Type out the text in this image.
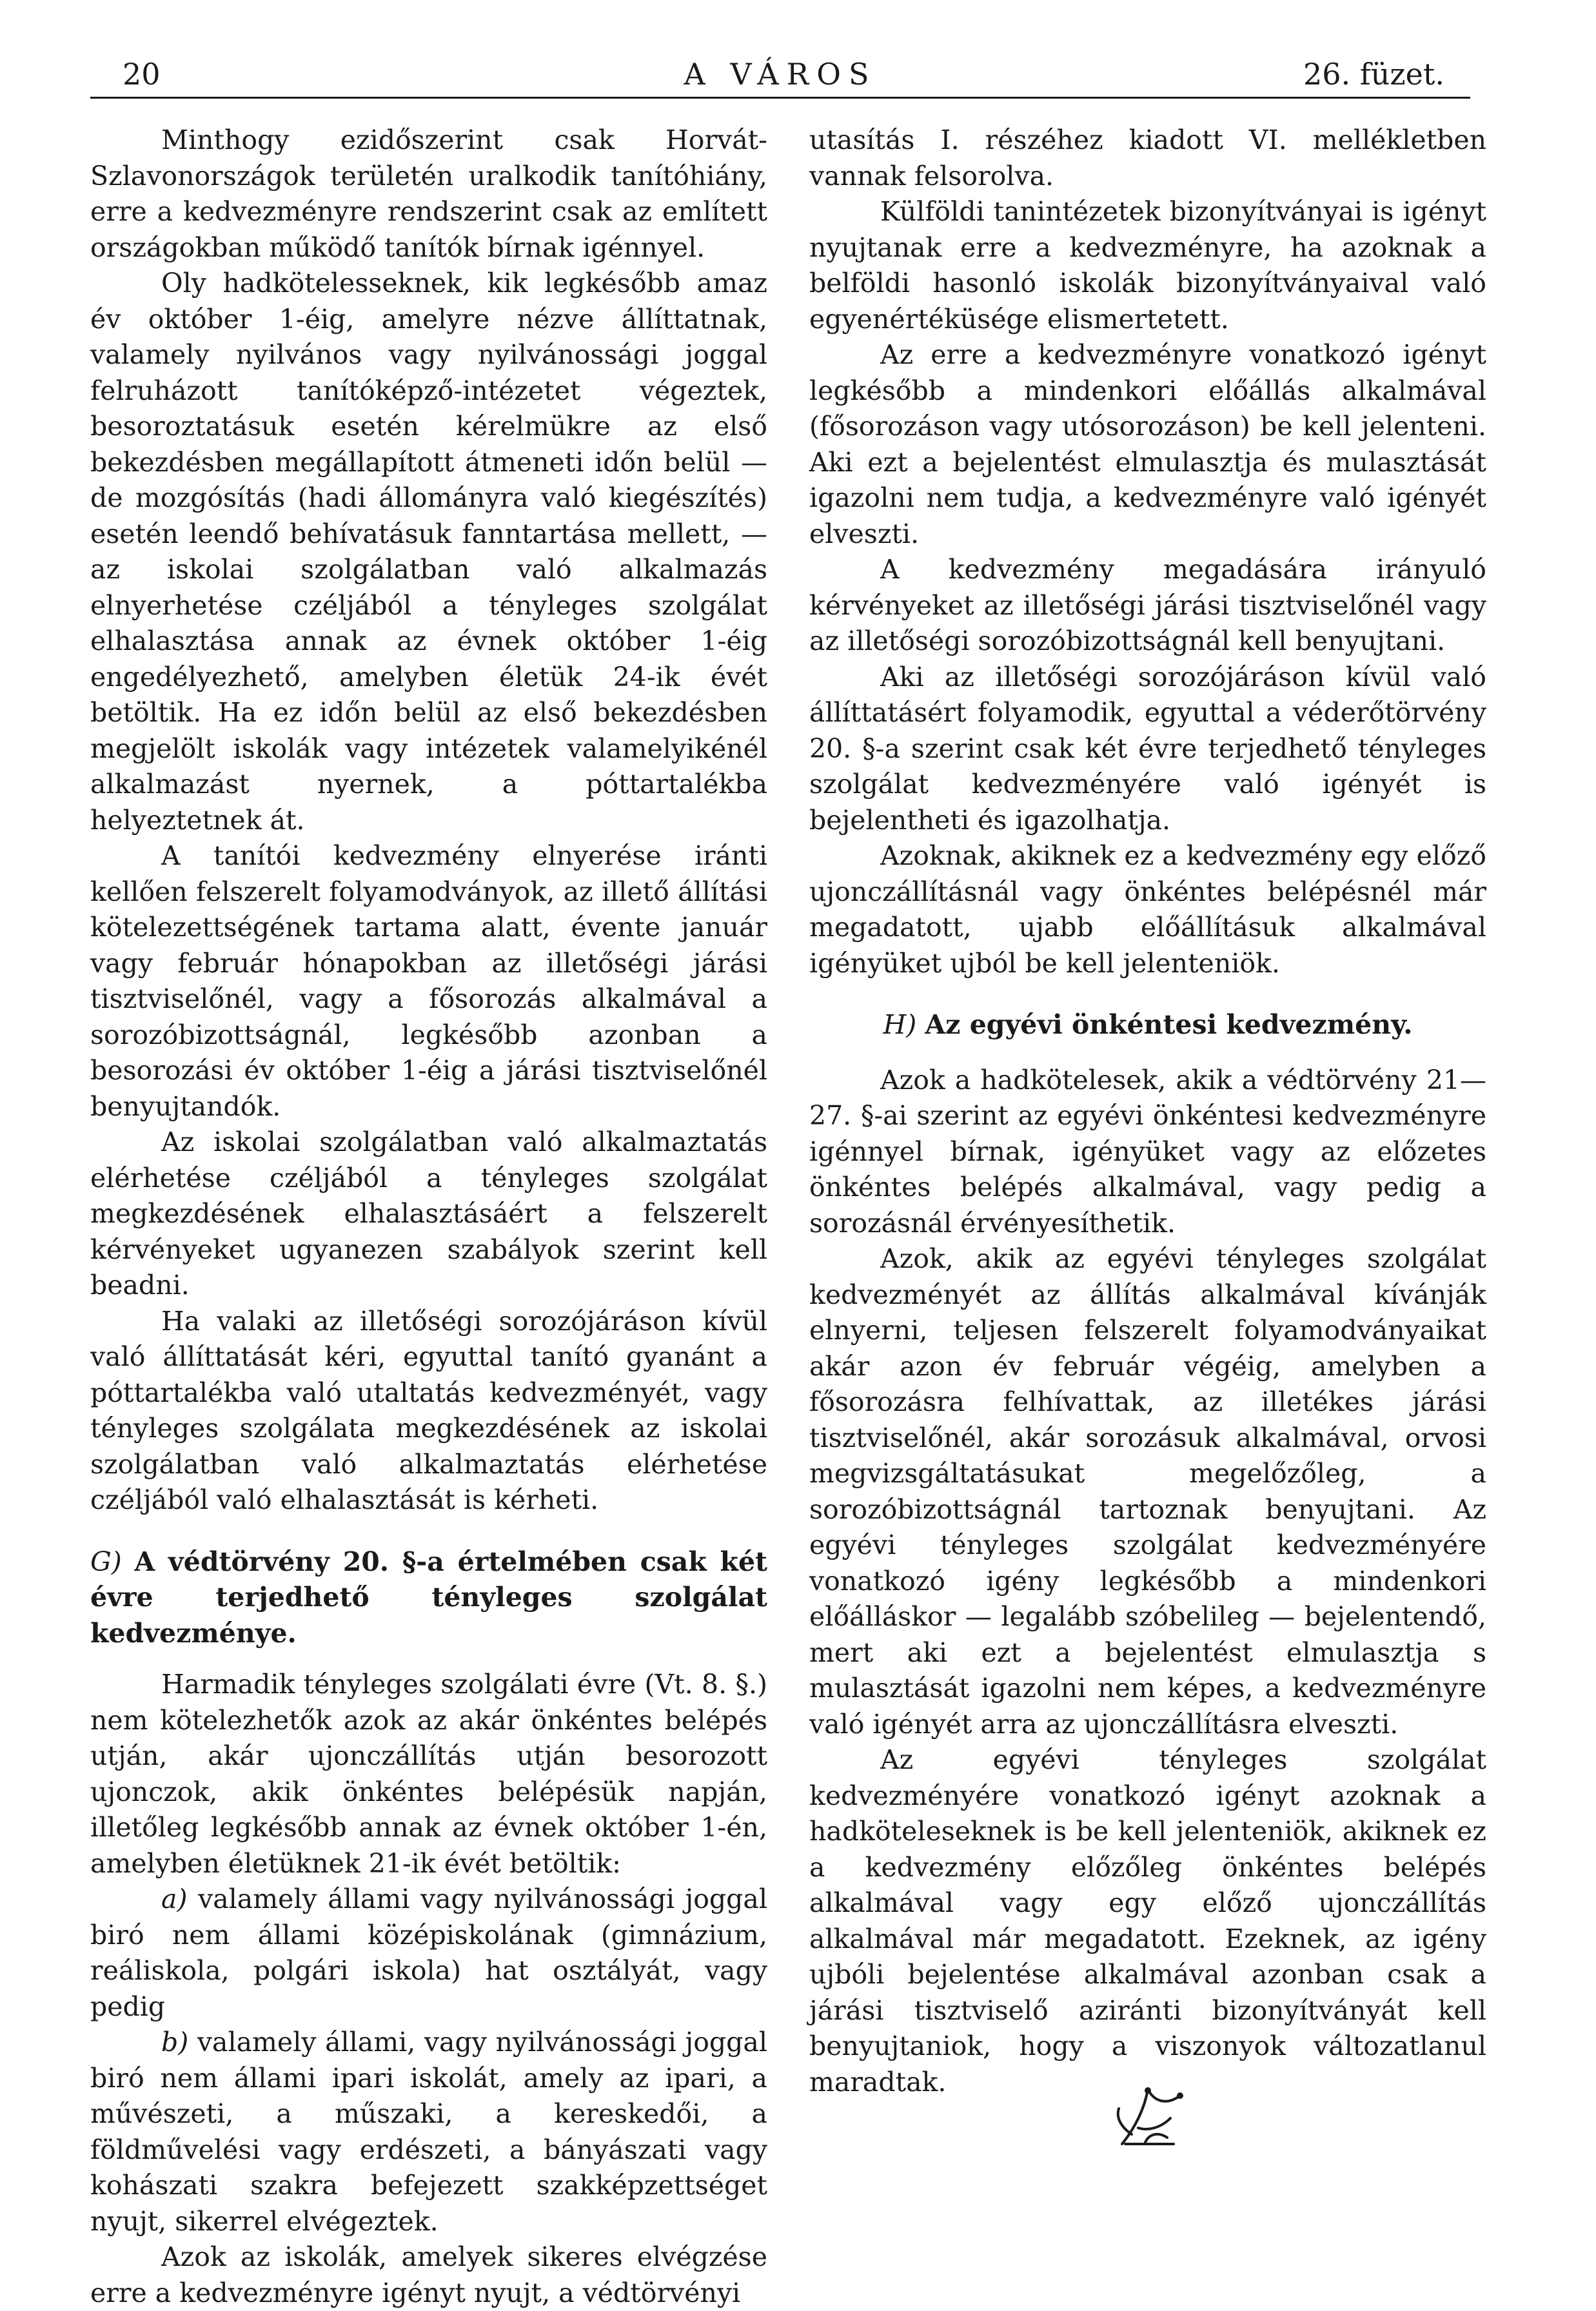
20	A VÁROS	26. füzet.

Minthogy ezidőszerint csak Horvát-Szlavonországok területén uralkodik tanítóhiány, erre a kedvezményre rendszerint csak az említett országokban működő tanítók bírnak igénnyel.

Oly hadkötelesseknek, kik legkésőbb amaz év október 1-éig, amelyre nézve állíttatnak, valamely nyilvános vagy nyilvánossági joggal felruházott tanítóképző-intézetet végeztek, besoroztatásuk esetén kérelmükre az első bekezdésben megállapított átmeneti időn belül — de mozgósítás (hadi állományra való kiegészítés) esetén leendő behívatásuk fanntartása mellett, — az iskolai szolgálatban való alkalmazás elnyerhetése czéljából a tényleges szolgálat elhalasztása annak az évnek október 1-éig engedélyezhető, amelyben életük 24-ik évét betöltik. Ha ez időn belül az első bekezdésben megjelölt iskolák vagy intézetek valamelyikénél alkalmazást nyernek, a póttartalékba helyeztetnek át.

A tanítói kedvezmény elnyerése iránti kellően felszerelt folyamodványok, az illető állítási kötelezettségének tartama alatt, évente január vagy február hónapokban az illetőségi járási tisztviselőnél, vagy a fősorozás alkalmával a sorozóbizottságnál, legkésőbb azonban a besorozási év október 1-éig a járási tisztviselőnél benyujtandók.

Az iskolai szolgálatban való alkalmaztatás elérhetése czéljából a tényleges szolgálat megkezdésének elhalasztásáért a felszerelt kérvényeket ugyanezen szabályok szerint kell beadni.

Ha valaki az illetőségi sorozójáráson kívül való állíttatását kéri, egyuttal tanító gyanánt a póttartalékba való utaltatás kedvezményét, vagy tényleges szolgálata megkezdésének az iskolai szolgálatban való alkalmaztatás elérhetése czéljából való elhalasztását is kérheti.

G) A védtörvény 20. §-a értelmében csak két évre terjedhető tényleges szolgálat kedvezménye.

Harmadik tényleges szolgálati évre (Vt. 8. §.) nem kötelezhetők azok az akár önkéntes belépés utján, akár ujonczállítás utján besorozott ujonczok, akik önkéntes belépésük napján, illetőleg legkésőbb annak az évnek október 1-én, amelyben életüknek 21-ik évét betöltik:

a) valamely állami vagy nyilvánossági joggal biró nem állami középiskolának (gimnázium, reáliskola, polgári iskola) hat osztályát, vagy pedig

b) valamely állami, vagy nyilvánossági joggal biró nem állami ipari iskolát, amely az ipari, a művészeti, a műszaki, a kereskedői, a földművelési vagy erdészeti, a bányászati vagy kohászati szakra befejezett szakképzettséget nyujt, sikerrel elvégeztek.

Azok az iskolák, amelyek sikeres elvégzése erre a kedvezményre igényt nyujt, a védtörvényi

utasítás I. részéhez kiadott VI. mellékletben vannak felsorolva.

Külföldi tanintézetek bizonyítványai is igényt nyujtanak erre a kedvezményre, ha azoknak a belföldi hasonló iskolák bizonyítványaival való egyenértéküsége elismertetett.

Az erre a kedvezményre vonatkozó igényt legkésőbb a mindenkori előállás alkalmával (fősorozáson vagy utósorozáson) be kell jelenteni. Aki ezt a bejelentést elmulasztja és mulasztását igazolni nem tudja, a kedvezményre való igényét elveszti.

A kedvezmény megadására irányuló kérvényeket az illetőségi járási tisztviselőnél vagy az illetőségi sorozóbizottságnál kell benyujtani.

Aki az illetőségi sorozójáráson kívül való állíttatásért folyamodik, egyuttal a véderőtörvény 20. §-a szerint csak két évre terjedhető tényleges szolgálat kedvezményére való igényét is bejelentheti és igazolhatja.

Azoknak, akiknek ez a kedvezmény egy előző ujonczállításnál vagy önkéntes belépésnél már megadatott, ujabb előállításuk alkalmával igényüket ujból be kell jelenteniök.

H) Az egyévi önkéntesi kedvezmény.

Azok a hadkötelesek, akik a védtörvény 21—27. §-ai szerint az egyévi önkéntesi kedvezményre igénnyel bírnak, igényüket vagy az előzetes önkéntes belépés alkalmával, vagy pedig a sorozásnál érvényesíthetik.

Azok, akik az egyévi tényleges szolgálat kedvezményét az állítás alkalmával kívánják elnyerni, teljesen felszerelt folyamodványaikat akár azon év február végéig, amelyben a fősorozásra felhívattak, az illetékes járási tisztviselőnél, akár sorozásuk alkalmával, orvosi megvizsgáltatásukat megelőzőleg, a sorozóbizottságnál tartoznak benyujtani. Az egyévi tényleges szolgálat kedvezményére vonatkozó igény legkésőbb a mindenkori előálláskor — legalább szóbelileg — bejelentendő, mert aki ezt a bejelentést elmulasztja s mulasztását igazolni nem képes, a kedvezményre való igényét arra az ujonczállításra elveszti.

Az egyévi tényleges szolgálat kedvezményére vonatkozó igényt azoknak a hadköteleseknek is be kell jelenteniök, akiknek ez a kedvezmény előzőleg önkéntes belépés alkalmával vagy egy előző ujonczállítás alkalmával már megadatott. Ezeknek, az igény ujbóli bejelentése alkalmával azonban csak a járási tisztviselő aziránti bizonyítványát kell benyujtaniok, hogy a viszonyok változatlanul maradtak.
